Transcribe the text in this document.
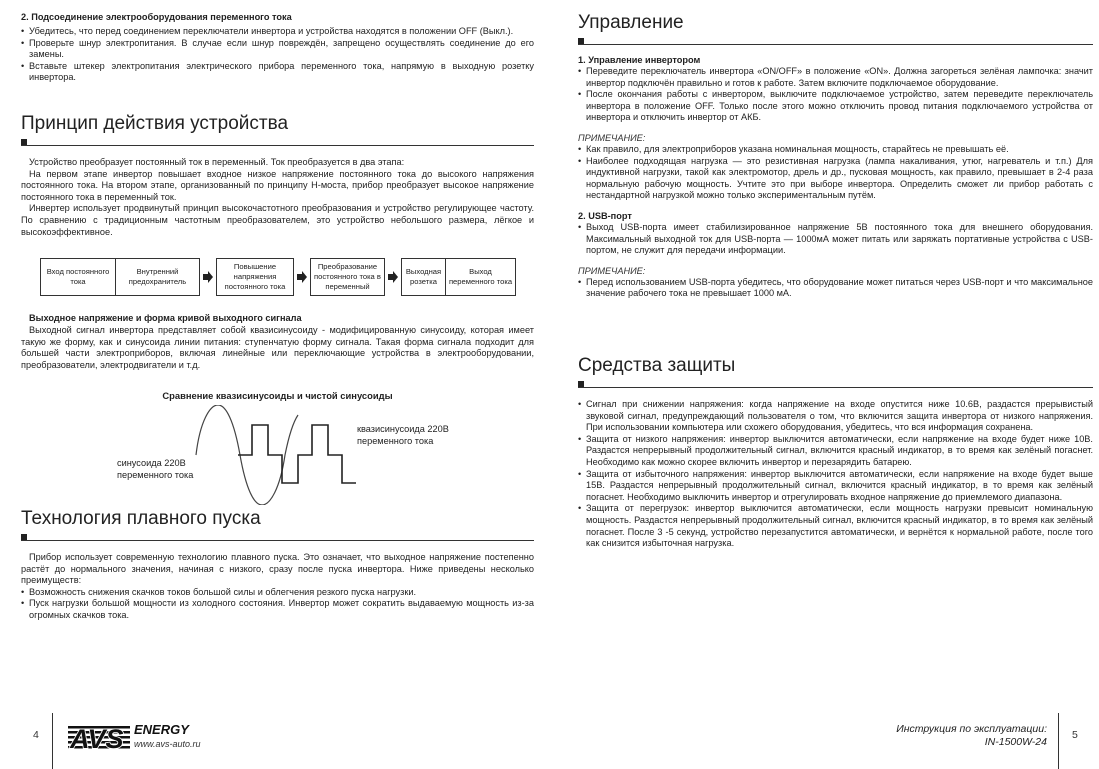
2. Подсоединение электрооборудования переменного тока

• Убедитесь, что перед соединением переключатели инвертора и устройства находятся в положении OFF (Выкл.).
• Проверьте шнур электропитания. В случае если шнур повреждён, запрещено осуществлять соединение до его замены.
• Вставьте штекер электропитания электрического прибора переменного тока, напрямую в выходную розетку инвертора.
Принцип действия устройства

Устройство преобразует постоянный ток в переменный. Ток преобразуется в два этапа:

На первом этапе инвертор повышает входное низкое напряжение постоянного тока до высокого напряжения постоянного тока. На втором этапе, организованный по принципу H-моста, прибор преобразует высокое напряжение постоянного тока в переменный ток.

Инвертер использует продвинутый принцип высокочастотного преобразования и устройство регулирующее частоту. По сравнению с традиционным частотным преобразователем, это устройство небольшого размера, лёгкое и высокоэффективное.

Выходное напряжение и форма кривой выходного сигнала

Выходной сигнал инвертора представляет собой квазисинусоиду - модифицированную синусоиду, которая имеет такую же форму, как и синусоида линии питания: ступенчатую форму сигнала. Такая форма сигнала подходит для большей части электроприборов, включая линейные или переключающие устройства в электрооборудовании, преобразователи, электродвигатели и т.д.

Технология плавного пуска

Прибор использует современную технологию плавного пуска. Это означает, что выходное напряжение постепенно растёт до нормального значения, начиная с низкого, сразу после пуска инвертора. Ниже приведены несколько преимуществ:

• Возможность снижения скачков токов большой силы и облегчения резкого пуска нагрузки.
• Пуск нагрузки большой мощности из холодного состояния. Инвертор может сократить выдаваемую мощность из-за огромных скачков тока.
Вход постоянного тока
Внутренний предохранитель
Повышение напряжения постоянного тока
Преобразование постоянного тока в переменный
Выходная розетка
Выход переменного тока
Сравнение квазисинусоиды и чистой синусоиды
квазисинусоида 220В переменного тока
синусоида 220В переменного тока
Управление

1. Управление инвертором

• Переведите переключатель инвертора «ON/OFF» в положение «ON». Должна загореться зелёная лампочка: значит инвертор подключён правильно и готов к работе. Затем включите подключаемое оборудование.
• После окончания работы с инвертором, выключите подключаемое устройство, затем переведите переключатель инвертора в положение OFF. Только после этого можно отключить провод питания подключаемого устройства от инвертора и отключить инвертор от АКБ.

ПРИМЕЧАНИЕ:

• Как правило, для электроприборов указана номинальная мощность, старайтесь не превышать её.
• Наиболее подходящая нагрузка — это резистивная нагрузка (лампа накаливания, утюг, нагреватель и т.п.) Для индуктивной нагрузки, такой как электромотор, дрель и др., пусковая мощность, как правило, превышает в 2-4 раза нормальную рабочую мощность. Учтите это при выборе инвертора. Определить сможет ли прибор работать с нестандартной нагрузкой можно только экспериментальным путём.

2. USB-порт

• Выход USB-порта имеет стабилизированное напряжение 5В постоянного тока для внешнего оборудования. Максимальный выходной ток для USB-порта — 1000мА может питать или заряжать портативные устройства с USB-портом, не служит для передачи информации.

ПРИМЕЧАНИЕ:

• Перед использованием USB-порта убедитесь, что оборудование может питаться через USB-порт и что максимальное значение рабочего тока не превышает 1000 мА.
Средства защиты
• Сигнал при снижении напряжения: когда напряжение на входе опустится ниже 10.6В, раздастся прерывистый звуковой сигнал, предупреждающий пользователя о том, что включится защита инвертора от низкого напряжения. При использовании компьютера или схожего оборудования, убедитесь, что вся информация сохранена.
• Защита от низкого напряжения: инвертор выключится автоматически, если напряжение на входе будет ниже 10В. Раздастся непрерывный продолжительный сигнал, включится красный индикатор, в то время как зелёный погаснет. Необходимо как можно скорее включить инвертор и перезарядить батарею.
• Защита от избыточного напряжения: инвертор выключится автоматически, если напряжение на входе будет выше 15В. Раздастся непрерывный продолжительный сигнал, включится красный индикатор, в то время как зелёный погаснет. Необходимо выключить инвертор и отрегулировать входное напряжение до приемлемого диапазона.
• Защита от перегрузок: инвертор выключится автоматически, если мощность нагрузки превысит номинальную мощность. Раздастся непрерывный продолжительный сигнал, включится красный индикатор, в то время как зелёный погаснет. После 3 -5 секунд, устройство перезапустится автоматически, и вернётся к нормальной работе, после того как снизится избыточная нагрузка.
4 AVS ENERGY
www.avs-auto.ru
Инструкция по эксплуатации:
IN-1500W-24
5
